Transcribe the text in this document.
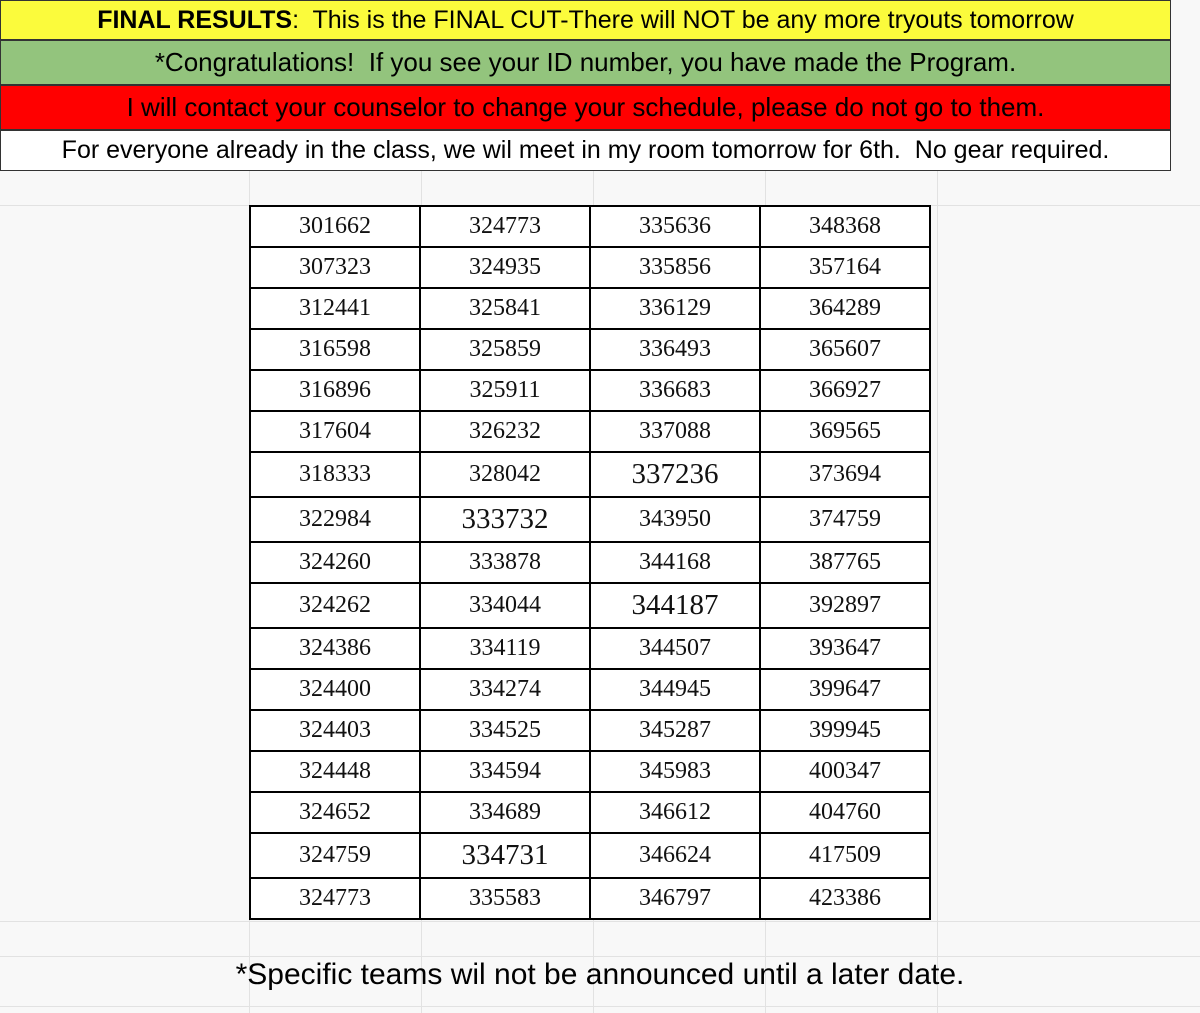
FINAL RESULTS :  This is the FINAL CUT-There will NOT be any more tryouts tomorrow
*Congratulations!  If you see your ID number, you have made the Program.
I will contact your counselor to change your schedule, please do not go to them.
For everyone already in the class, we wil meet in my room tomorrow for 6th.  No gear required.
301662	324773	335636	348368
307323	324935	335856	357164
312441	325841	336129	364289
316598	325859	336493	365607
316896	325911	336683	366927
317604	326232	337088	369565
318333	328042	337236	373694
322984	333732	343950	374759
324260	333878	344168	387765
324262	334044	344187	392897
324386	334119	344507	393647
324400	334274	344945	399647
324403	334525	345287	399945
324448	334594	345983	400347
324652	334689	346612	404760
324759	334731	346624	417509
324773	335583	346797	423386
*Specific teams wil not be announced until a later date.
